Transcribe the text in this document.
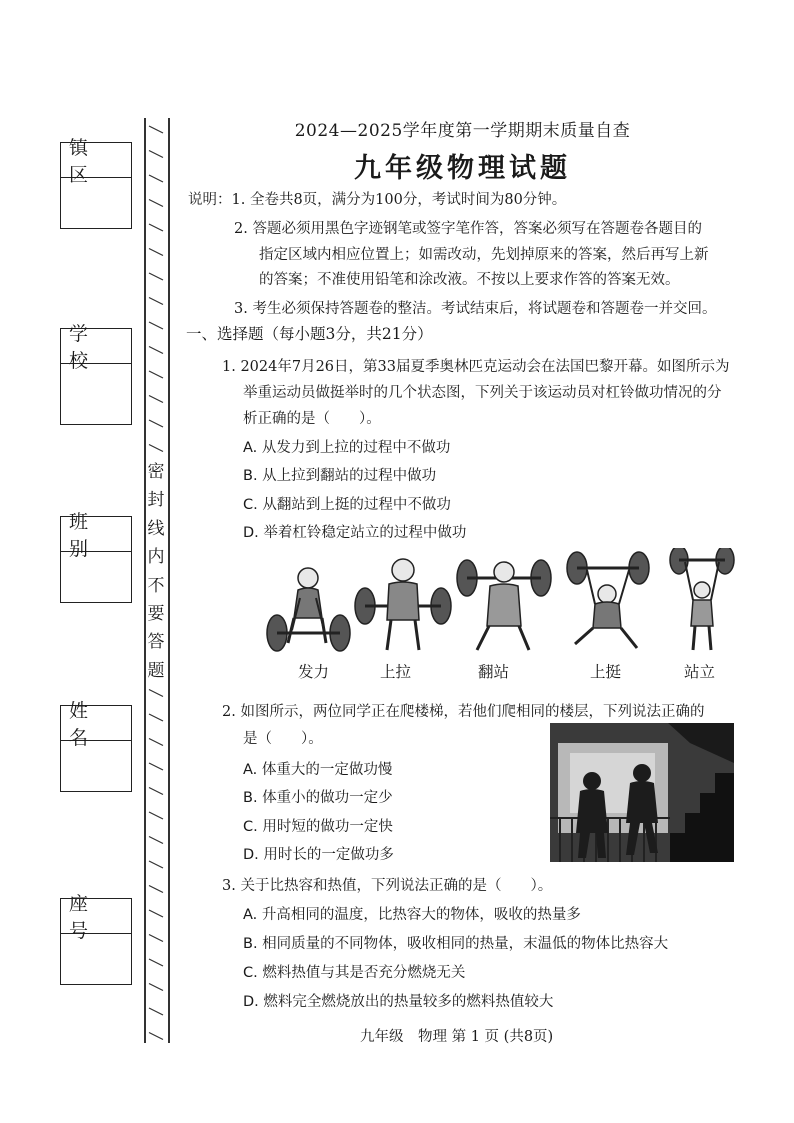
镇 区
学 校
班 别
姓 名
座 号
密
封
线
内
不
要
答
题
2024—2025学年度第一学期期末质量自查
九年级物理试题
说明：1. 全卷共8页，满分为100分，考试时间为80分钟。
2. 答题必须用黑色字迹钢笔或签字笔作答，答案必须写在答题卷各题目的
指定区域内相应位置上；如需改动，先划掉原来的答案，然后再写上新
的答案；不准使用铅笔和涂改液。不按以上要求作答的答案无效。
3. 考生必须保持答题卷的整洁。考试结束后，将试题卷和答题卷一并交回。
一、选择题（每小题3分，共21分）
1. 2024年7月26日，第33届夏季奥林匹克运动会在法国巴黎开幕。如图所示为
举重运动员做挺举时的几个状态图，下列关于该运动员对杠铃做功情况的分
析正确的是（　　）。
A. 从发力到上拉的过程中不做功
B. 从上拉到翻站的过程中做功
C. 从翻站到上挺的过程中不做功
D. 举着杠铃稳定站立的过程中做功
发力	上拉	翻站	上挺	站立
2. 如图所示，两位同学正在爬楼梯，若他们爬相同的楼层，下列说法正确的
是（　　）。
A. 体重大的一定做功慢
B. 体重小的做功一定少
C. 用时短的做功一定快
D. 用时长的一定做功多
3. 关于比热容和热值，下列说法正确的是（　　）。
A. 升高相同的温度，比热容大的物体，吸收的热量多
B. 相同质量的不同物体，吸收相同的热量，末温低的物体比热容大
C. 燃料热值与其是否充分燃烧无关
D. 燃料完全燃烧放出的热量较多的燃料热值较大
九年级　物理 第 1 页 (共8页)
